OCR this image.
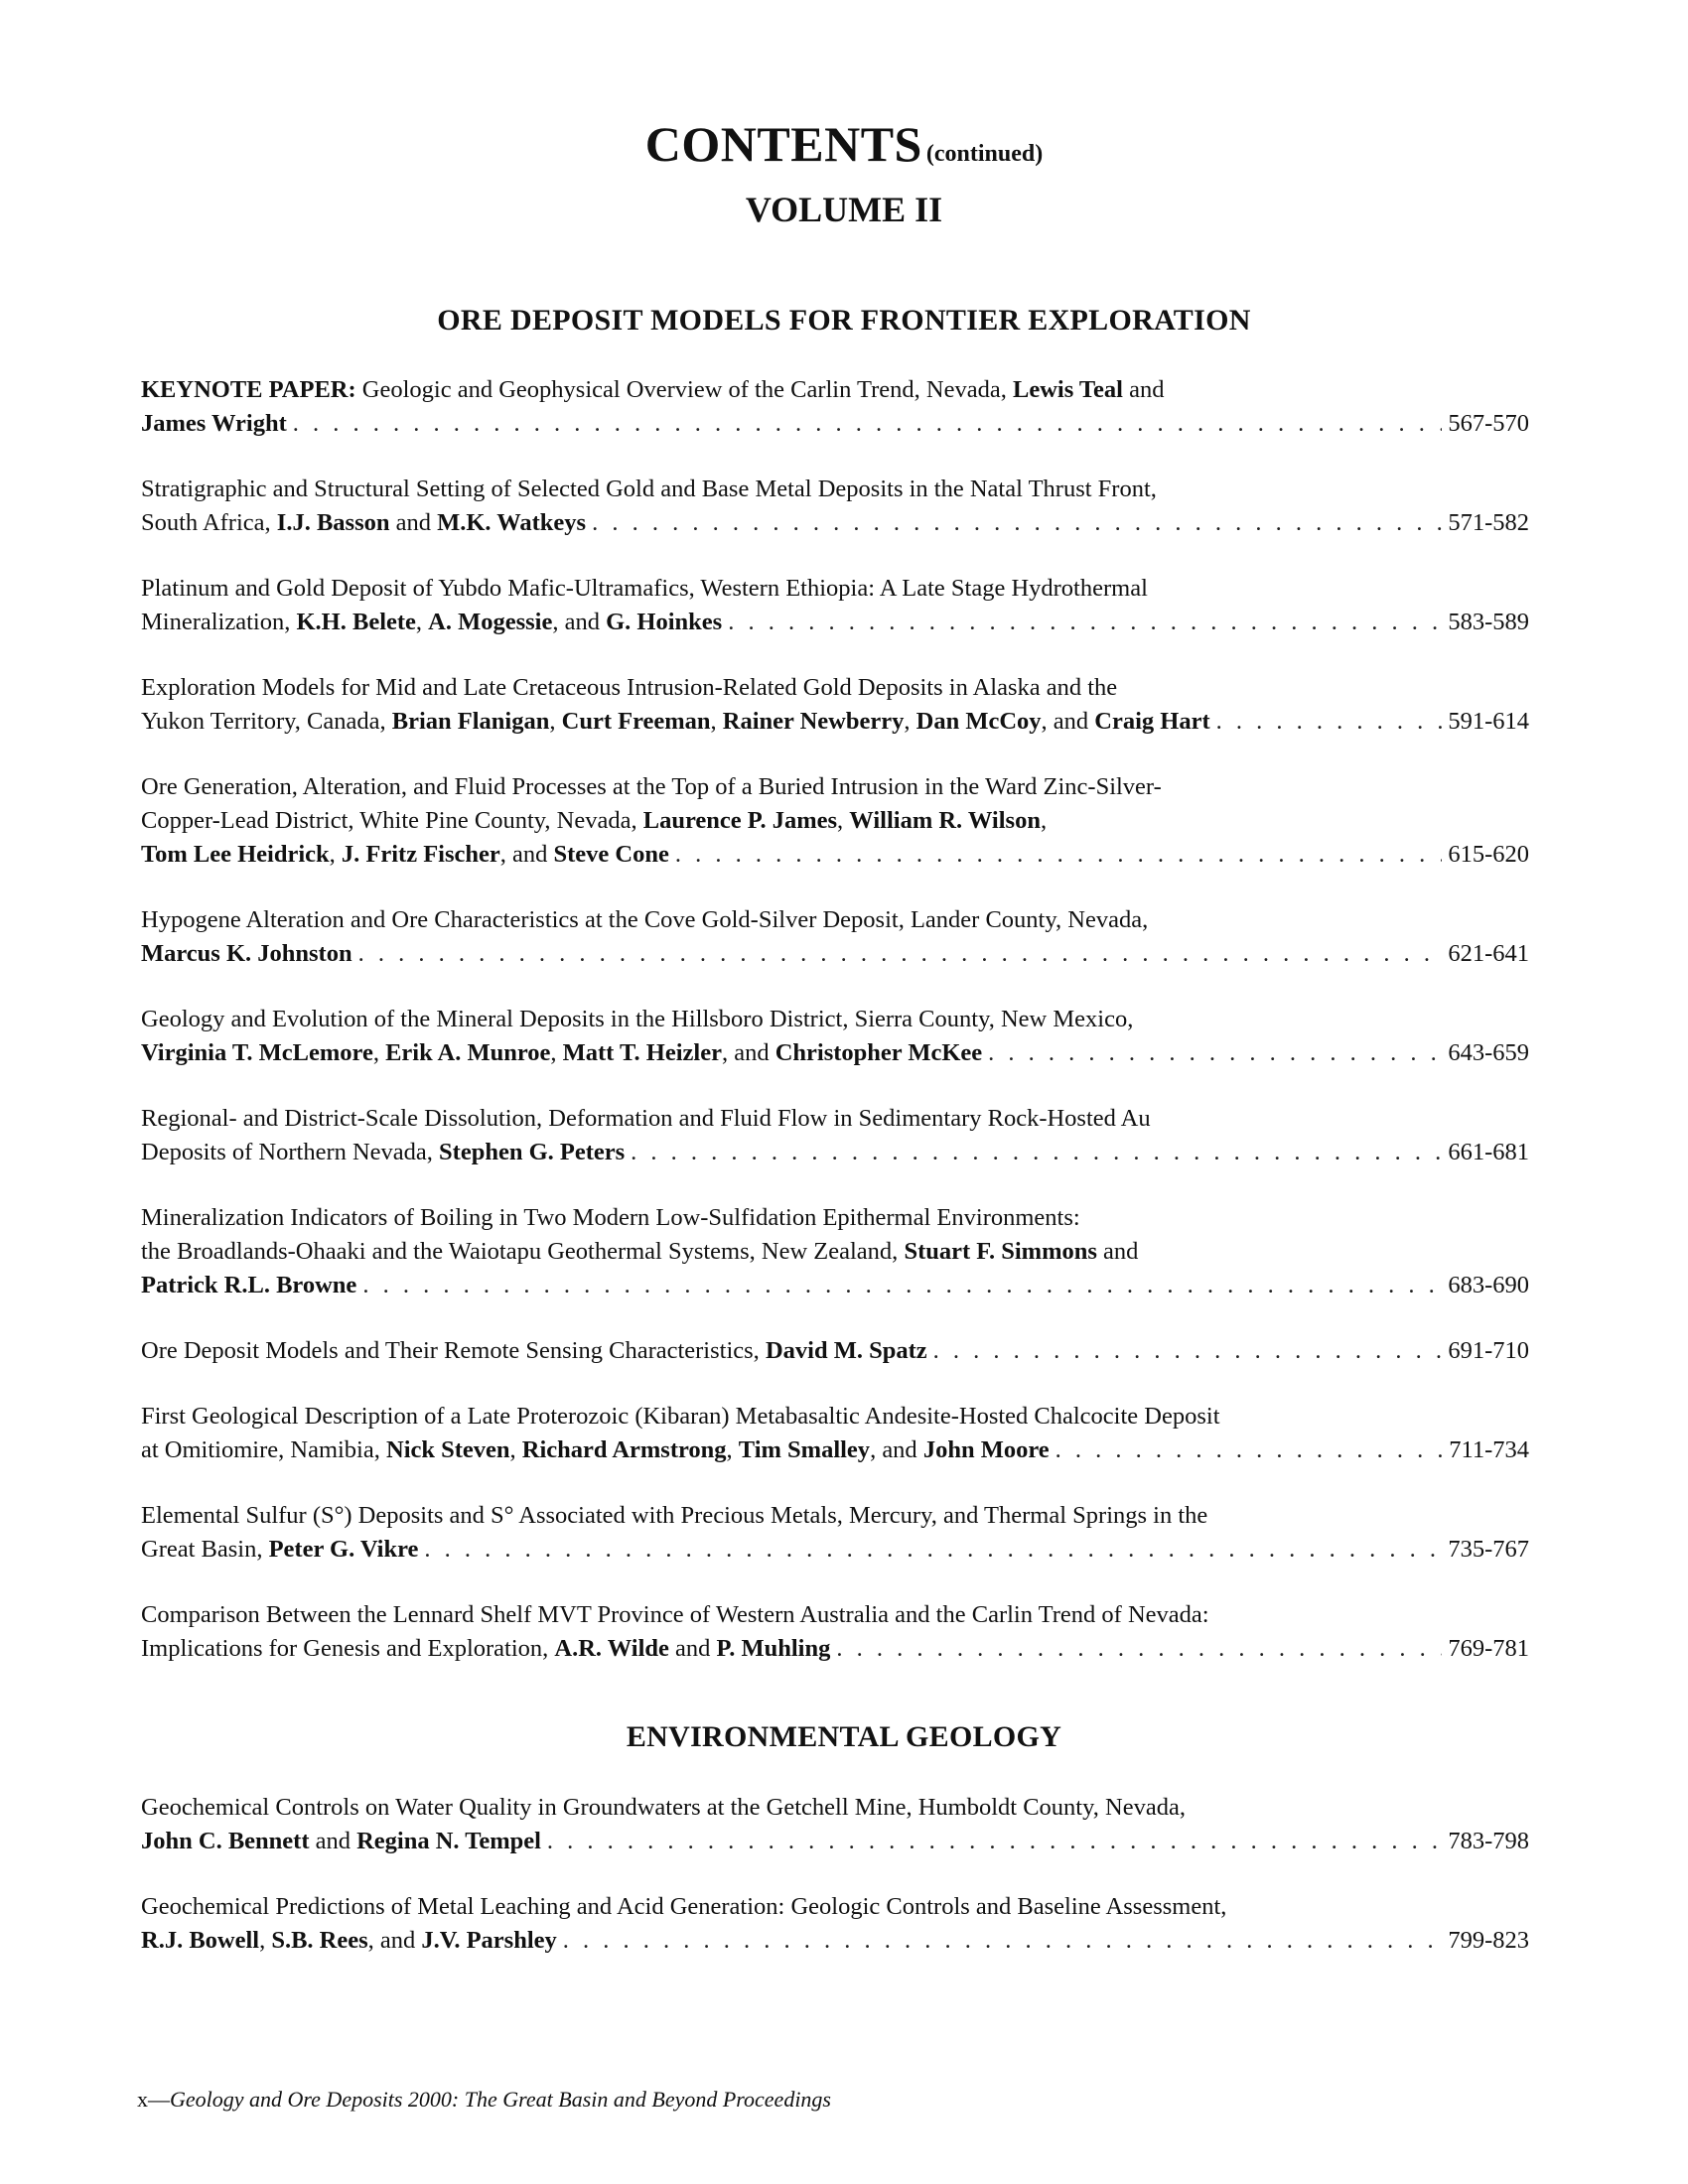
CONTENTS (continued)
VOLUME II
ORE DEPOSIT MODELS FOR FRONTIER EXPLORATION

KEYNOTE PAPER: Geologic and Geophysical Overview of the Carlin Trend, Nevada, Lewis Teal and

James Wright . . .	567-570

Stratigraphic and Structural Setting of Selected Gold and Base Metal Deposits in the Natal Thrust Front,

South Africa, I.J. Basson and M.K. Watkeys . . .	571-582

Platinum and Gold Deposit of Yubdo Mafic-Ultramafics, Western Ethiopia: A Late Stage Hydrothermal

Mineralization, K.H. Belete, A. Mogessie, and G. Hoinkes . . .	583-589

Exploration Models for Mid and Late Cretaceous Intrusion-Related Gold Deposits in Alaska and the

Yukon Territory, Canada, Brian Flanigan, Curt Freeman, Rainer Newberry, Dan McCoy, and Craig Hart . . .	591-614

Ore Generation, Alteration, and Fluid Processes at the Top of a Buried Intrusion in the Ward Zinc-Silver-

Copper-Lead District, White Pine County, Nevada, Laurence P. James, William R. Wilson,

Tom Lee Heidrick, J. Fritz Fischer, and Steve Cone . . .	615-620

Hypogene Alteration and Ore Characteristics at the Cove Gold-Silver Deposit, Lander County, Nevada,

Marcus K. Johnston . . .	621-641

Geology and Evolution of the Mineral Deposits in the Hillsboro District, Sierra County, New Mexico,

Virginia T. McLemore, Erik A. Munroe, Matt T. Heizler, and Christopher McKee . . .	643-659

Regional- and District-Scale Dissolution, Deformation and Fluid Flow in Sedimentary Rock-Hosted Au

Deposits of Northern Nevada, Stephen G. Peters . . .	661-681

Mineralization Indicators of Boiling in Two Modern Low-Sulfidation Epithermal Environments:

the Broadlands-Ohaaki and the Waiotapu Geothermal Systems, New Zealand, Stuart F. Simmons and

Patrick R.L. Browne . . .	683-690
Ore Deposit Models and Their Remote Sensing Characteristics, David M. Spatz . . .	691-710

First Geological Description of a Late Proterozoic (Kibaran) Metabasaltic Andesite-Hosted Chalcocite Deposit

at Omitiomire, Namibia, Nick Steven, Richard Armstrong, Tim Smalley, and John Moore . . .	711-734

Elemental Sulfur (S°) Deposits and S° Associated with Precious Metals, Mercury, and Thermal Springs in the

Great Basin, Peter G. Vikre . . .	735-767

Comparison Between the Lennard Shelf MVT Province of Western Australia and the Carlin Trend of Nevada:

Implications for Genesis and Exploration, A.R. Wilde and P. Muhling . . .	769-781
ENVIRONMENTAL GEOLOGY

Geochemical Controls on Water Quality in Groundwaters at the Getchell Mine, Humboldt County, Nevada,

John C. Bennett and Regina N. Tempel . . .	783-798

Geochemical Predictions of Metal Leaching and Acid Generation: Geologic Controls and Baseline Assessment,

R.J. Bowell, S.B. Rees, and J.V. Parshley . . .	799-823
x—Geology and Ore Deposits 2000: The Great Basin and Beyond Proceedings
